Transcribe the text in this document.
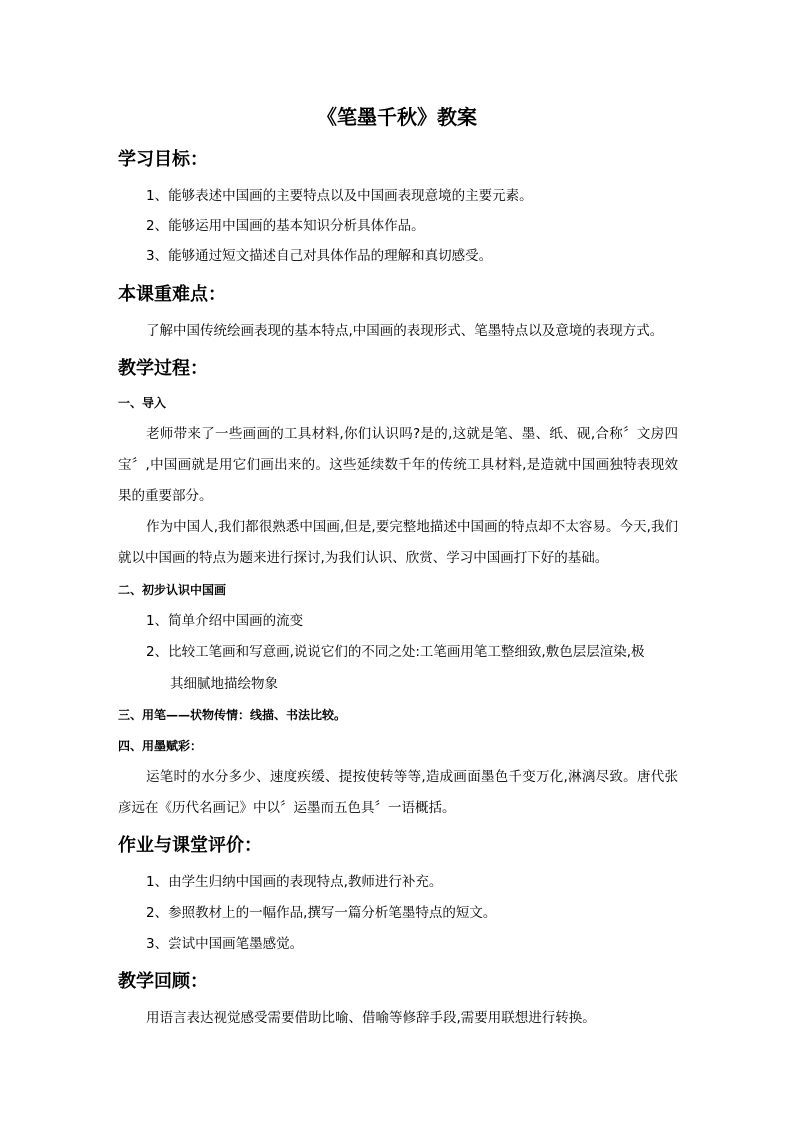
《笔墨千秋》教案
学习目标：
1、能够表述中国画的主要特点以及中国画表现意境的主要元素。
2、能够运用中国画的基本知识分析具体作品。
3、能够通过短文描述自己对具体作品的理解和真切感受。
本课重难点：
了解中国传统绘画表现的基本特点,中国画的表现形式、笔墨特点以及意境的表现方式。
教学过程：
一、导入
老师带来了一些画画的工具材料,你们认识吗?是的,这就是笔、墨、纸、砚,合称〞文房四宝〞,中国画就是用它们画出来的。这些延续数千年的传统工具材料,是造就中国画独特表现效果的重要部分。
作为中国人,我们都很熟悉中国画,但是,要完整地描述中国画的特点却不太容易。今天,我们就以中国画的特点为题来进行探讨,为我们认识、欣赏、学习中国画打下好的基础。
二、初步认识中国画
1、简单介绍中国画的流变
2、比较工笔画和写意画,说说它们的不同之处:工笔画用笔工整细致,敷色层层渲染,极
其细腻地描绘物象
三、用笔——状物传情：线描、书法比较。
四、用墨赋彩：
运笔时的水分多少、速度疾缓、提按使转等等,造成画面墨色千变万化,淋漓尽致。唐代张彦远在《历代名画记》中以〞运墨而五色具〞一语概括。
作业与课堂评价：
1、由学生归纳中国画的表现特点,教师进行补充。
2、参照教材上的一幅作品,撰写一篇分析笔墨特点的短文。
3、尝试中国画笔墨感觉。
教学回顾：
用语言表达视觉感受需要借助比喻、借喻等修辞手段,需要用联想进行转换。
